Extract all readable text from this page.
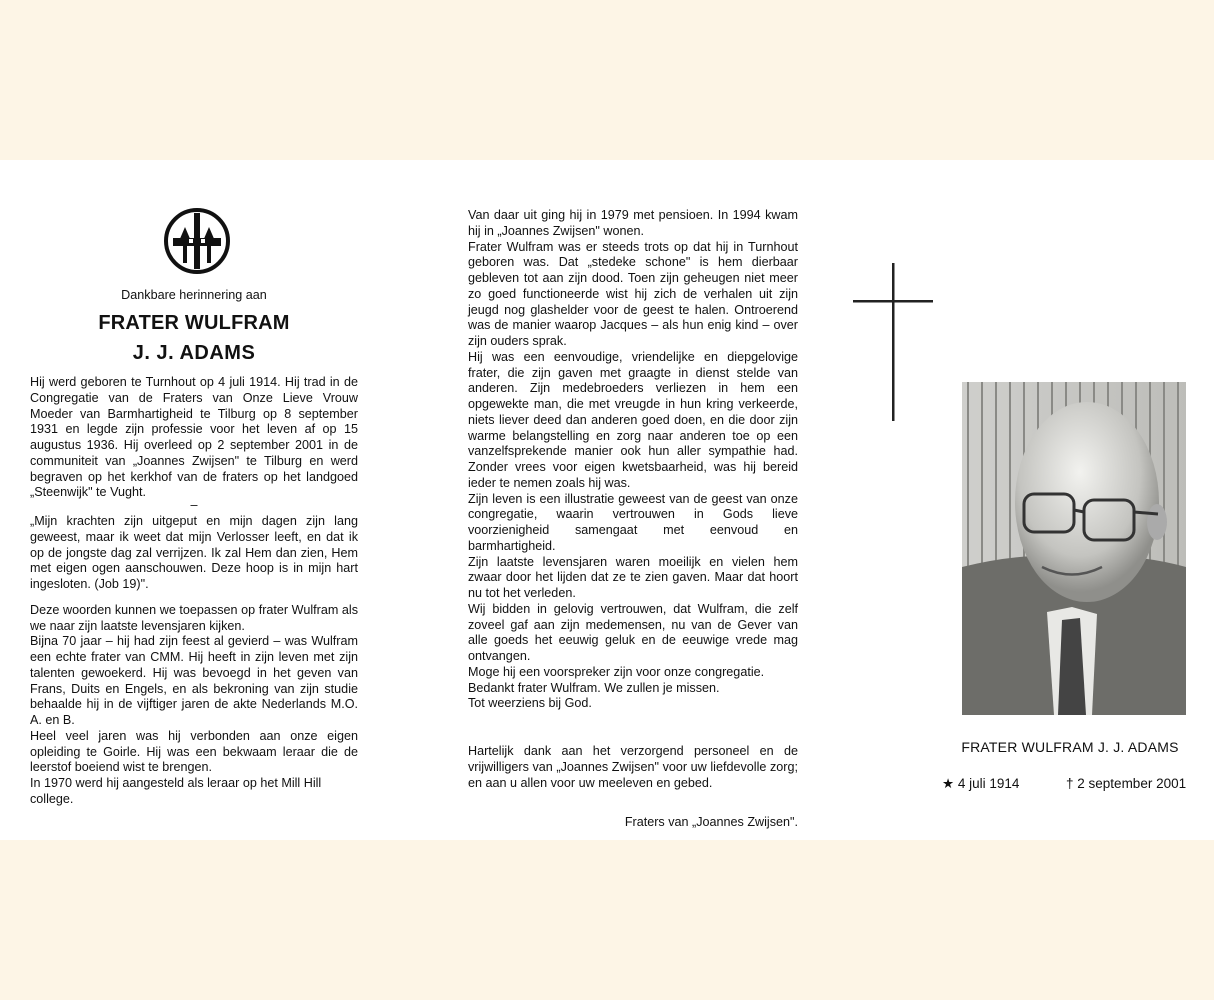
Dankbare herinnering aan
FRATER WULFRAM
J. J. ADAMS

Hij werd geboren te Turnhout op 4 juli 1914. Hij trad in de Congregatie van de Fraters van Onze Lieve Vrouw Moeder van Barmhartigheid te Tilburg op 8 september 1931 en legde zijn professie voor het leven af op 15 augustus 1936. Hij overleed op 2 september 2001 in de communiteit van „Joannes Zwijsen" te Tilburg en werd begraven op het kerkhof van de fraters op het landgoed „Steenwijk" te Vught.

–

„Mijn krachten zijn uitgeput en mijn dagen zijn lang geweest, maar ik weet dat mijn Verlosser leeft, en dat ik op de jongste dag zal verrijzen. Ik zal Hem dan zien, Hem met eigen ogen aanschouwen. Deze hoop is in mijn hart ingesloten. (Job 19)".

Deze woorden kunnen we toepassen op frater Wulfram als we naar zijn laatste levensjaren kijken.

Bijna 70 jaar – hij had zijn feest al gevierd – was Wulfram een echte frater van CMM. Hij heeft in zijn leven met zijn talenten gewoekerd. Hij was bevoegd in het geven van Frans, Duits en Engels, en als bekroning van zijn studie behaalde hij in de vijftiger jaren de akte Nederlands M.O. A. en B.

Heel veel jaren was hij verbonden aan onze eigen opleiding te Goirle. Hij was een bekwaam leraar die de leerstof boeiend wist te brengen.

In 1970 werd hij aangesteld als leraar op het Mill Hill college.

Van daar uit ging hij in 1979 met pensioen. In 1994 kwam hij in „Joannes Zwijsen" wonen.

Frater Wulfram was er steeds trots op dat hij in Turnhout geboren was. Dat „stedeke schone" is hem dierbaar gebleven tot aan zijn dood. Toen zijn geheugen niet meer zo goed functioneerde wist hij zich de verhalen uit zijn jeugd nog glashelder voor de geest te halen. Ontroerend was de manier waarop Jacques – als hun enig kind – over zijn ouders sprak.

Hij was een eenvoudige, vriendelijke en diepgelovige frater, die zijn gaven met graagte in dienst stelde van anderen. Zijn medebroeders verliezen in hem een opgewekte man, die met vreugde in hun kring verkeerde, niets liever deed dan anderen goed doen, en die door zijn warme belangstelling en zorg naar anderen toe op een vanzelfsprekende manier ook hun aller sympathie had. Zonder vrees voor eigen kwetsbaarheid, was hij bereid ieder te nemen zoals hij was.

Zijn leven is een illustratie geweest van de geest van onze congregatie, waarin vertrouwen in Gods lieve voorzienigheid samengaat met eenvoud en barmhartigheid.

Zijn laatste levensjaren waren moeilijk en vielen hem zwaar door het lijden dat ze te zien gaven. Maar dat hoort nu tot het verleden.

Wij bidden in gelovig vertrouwen, dat Wulfram, die zelf zoveel gaf aan zijn medemensen, nu van de Gever van alle goeds het eeuwig geluk en de eeuwige vrede mag ontvangen.

Moge hij een voorspreker zijn voor onze congregatie.

Bedankt frater Wulfram. We zullen je missen.

Tot weerziens bij God.

Hartelijk dank aan het verzorgend personeel en de vrijwilligers van „Joannes Zwijsen" voor uw liefdevolle zorg; en aan u allen voor uw meeleven en gebed.

Fraters van „Joannes Zwijsen".

FRATER WULFRAM J. J. ADAMS
★ 4 juli 1914	† 2 september 2001
